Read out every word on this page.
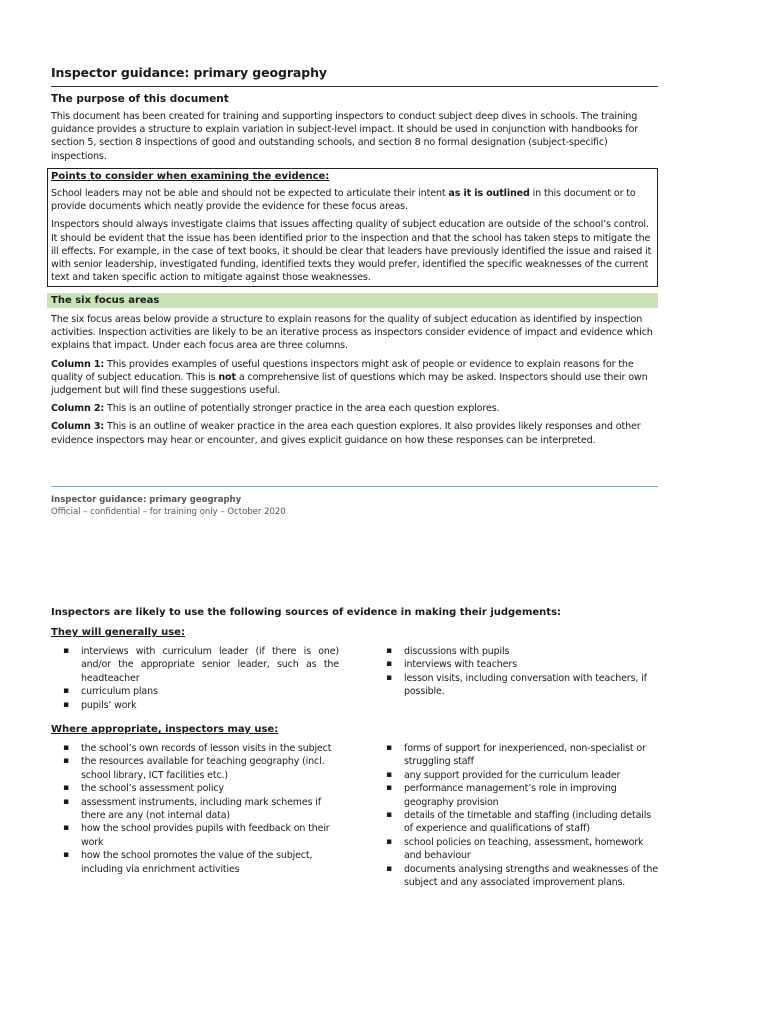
Inspector guidance: primary geography
The purpose of this document

This document has been created for training and supporting inspectors to conduct subject deep dives in schools. The training guidance provides a structure to explain variation in subject-level impact. It should be used in conjunction with handbooks for section 5, section 8 inspections of good and outstanding schools, and section 8 no formal designation (subject-specific) inspections.

Points to consider when examining the evidence:

School leaders may not be able and should not be expected to articulate their intent as it is outlined in this document or to provide documents which neatly provide the evidence for these focus areas.

Inspectors should always investigate claims that issues affecting quality of subject education are outside of the school’s control. It should be evident that the issue has been identified prior to the inspection and that the school has taken steps to mitigate the ill effects. For example, in the case of text books, it should be clear that leaders have previously identified the issue and raised it with senior leadership, investigated funding, identified texts they would prefer, identified the specific weaknesses of the current text and taken specific action to mitigate against those weaknesses.

The six focus areas

The six focus areas below provide a structure to explain reasons for the quality of subject education as identified by inspection activities. Inspection activities are likely to be an iterative process as inspectors consider evidence of impact and evidence which explains that impact. Under each focus area are three columns.

Column 1: This provides examples of useful questions inspectors might ask of people or evidence to explain reasons for the quality of subject education. This is not a comprehensive list of questions which may be asked. Inspectors should use their own judgement but will find these suggestions useful.

Column 2: This is an outline of potentially stronger practice in the area each question explores.

Column 3: This is an outline of weaker practice in the area each question explores. It also provides likely responses and other evidence inspectors may hear or encounter, and gives explicit guidance on how these responses can be interpreted.

Inspector guidance: primary geography
Official – confidential – for training only – October 2020
Inspectors are likely to use the following sources of evidence in making their judgements:
They will generally use:
▪	interviews with curriculum leader (if there is one) and/or the appropriate senior leader, such as the headteacher
▪	curriculum plans
▪	pupils’ work
▪	discussions with pupils
▪	interviews with teachers
▪	lesson visits, including conversation with teachers, if possible.
Where appropriate, inspectors may use:
▪	the school’s own records of lesson visits in the subject
▪	the resources available for teaching geography (incl. school library, ICT facilities etc.)
▪	the school’s assessment policy
▪	assessment instruments, including mark schemes if there are any (not internal data)
▪	how the school provides pupils with feedback on their work
▪	how the school promotes the value of the subject, including via enrichment activities
▪	forms of support for inexperienced, non-specialist or struggling staff
▪	any support provided for the curriculum leader
▪	performance management’s role in improving geography provision
▪	details of the timetable and staffing (including details of experience and qualifications of staff)
▪	school policies on teaching, assessment, homework and behaviour
▪	documents analysing strengths and weaknesses of the subject and any associated improvement plans.
